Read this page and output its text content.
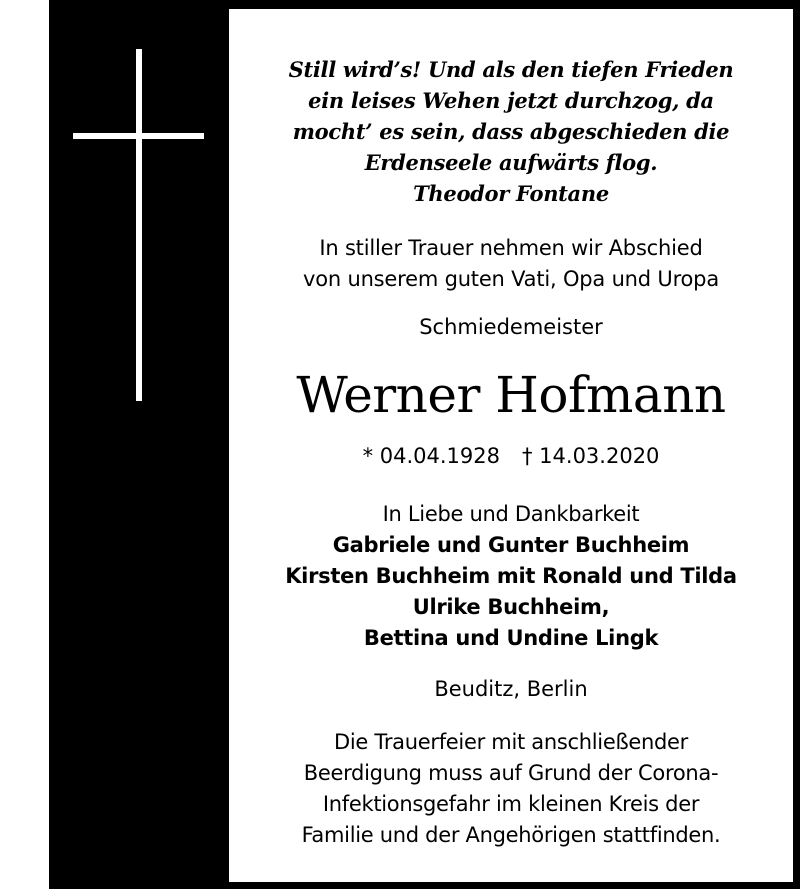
Still wird’s! Und als den tiefen Frieden
ein leises Wehen jetzt durchzog, da
mocht’ es sein, dass abgeschieden die
Erdenseele aufwärts flog.
Theodor Fontane
In stiller Trauer nehmen wir Abschied
von unserem guten Vati, Opa und Uropa
Schmiedemeister
Werner Hofmann
* 04.04.1928 † 14.03.2020
In Liebe und Dankbarkeit
Gabriele und Gunter Buchheim
Kirsten Buchheim mit Ronald und Tilda
Ulrike Buchheim,
Bettina und Undine Lingk
Beuditz, Berlin
Die Trauerfeier mit anschließender
Beerdigung muss auf Grund der Corona-
Infektionsgefahr im kleinen Kreis der
Familie und der Angehörigen stattfinden.
